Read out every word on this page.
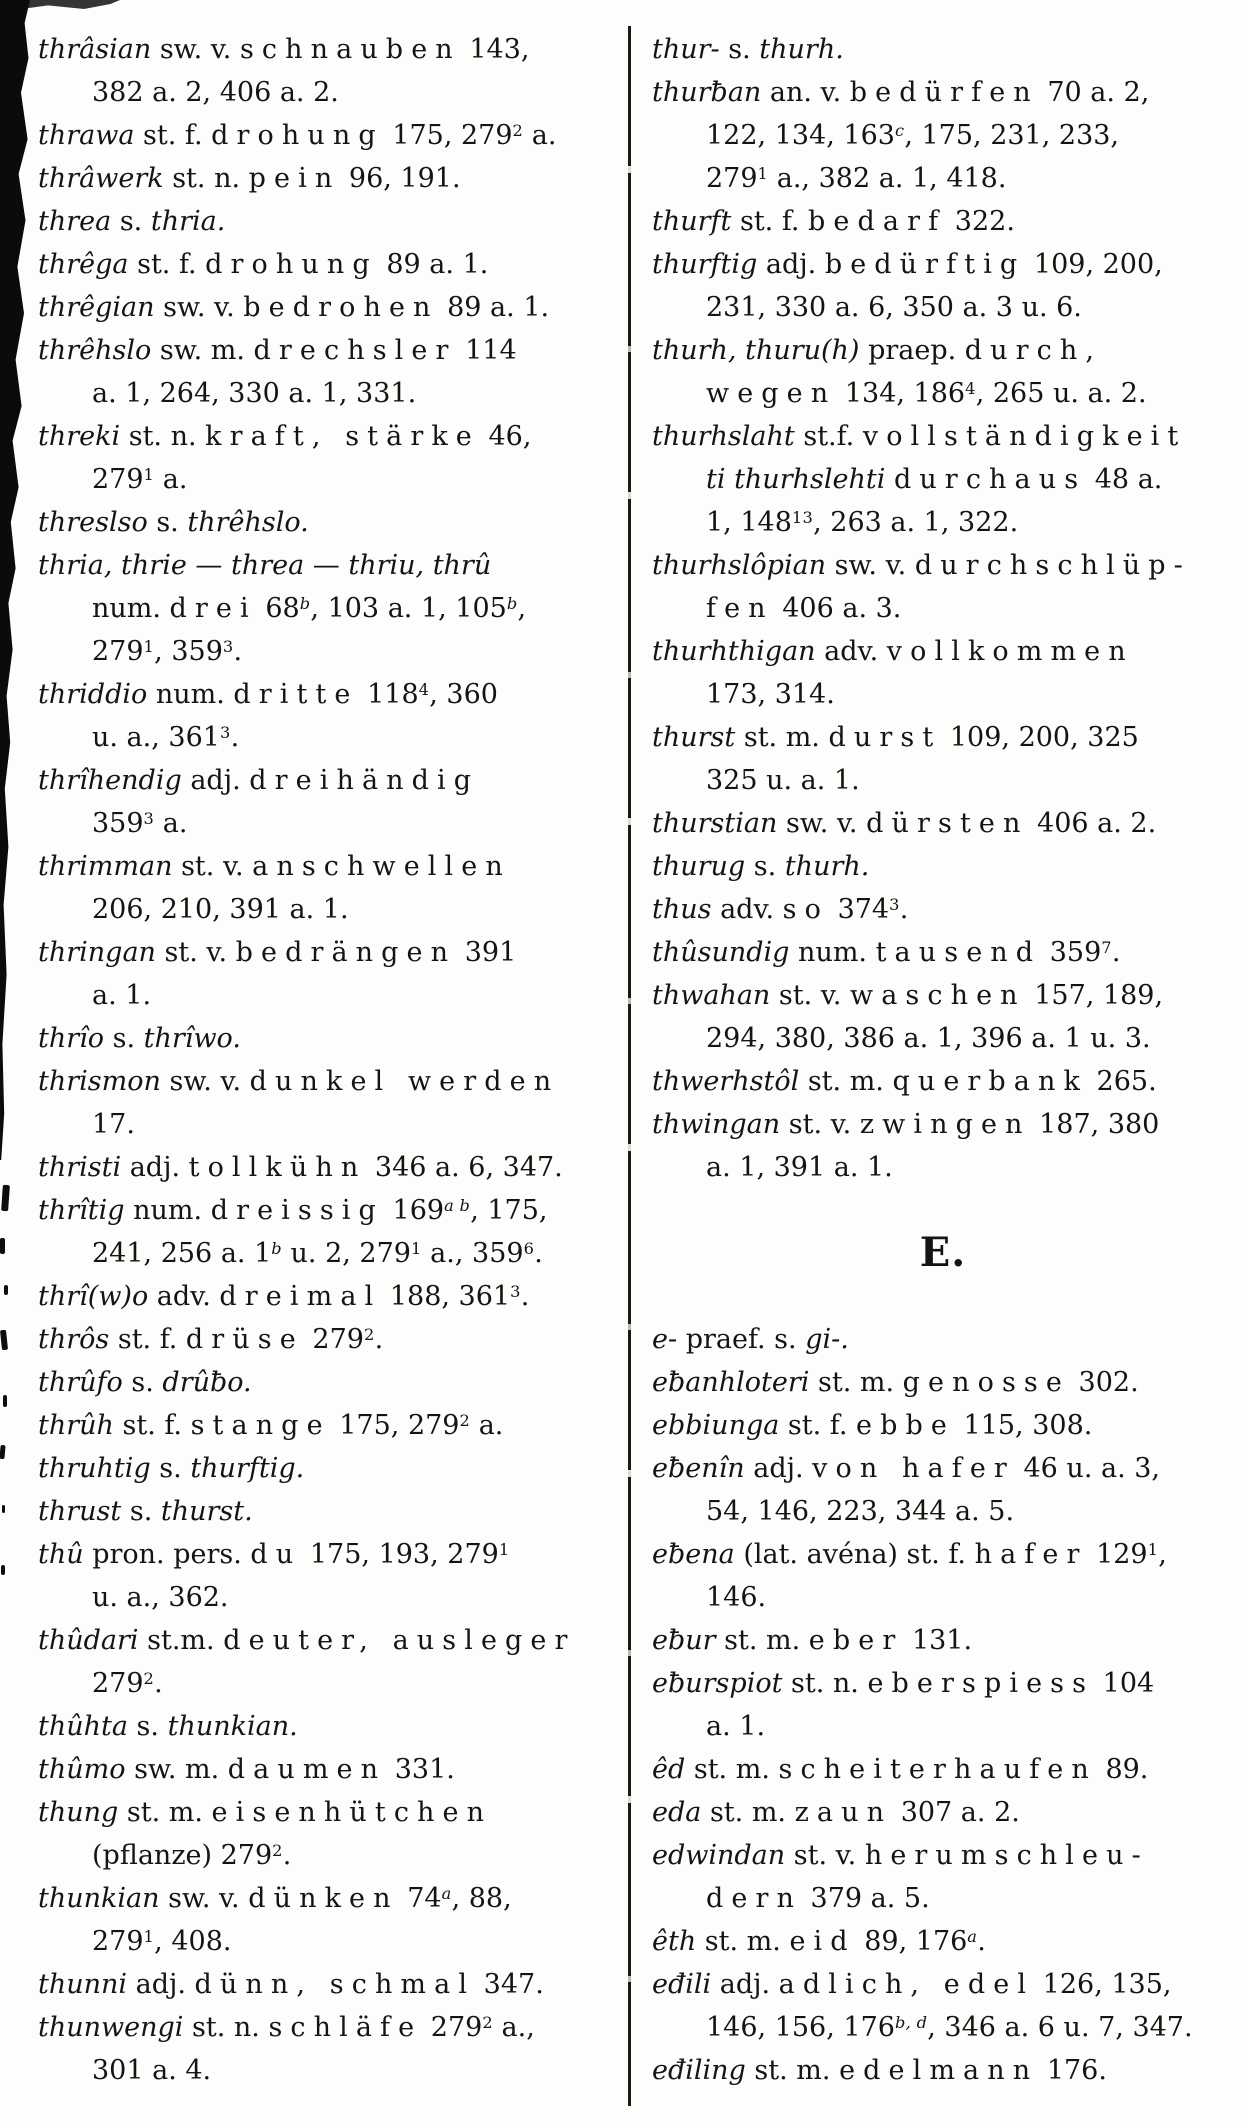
thrâsian sw. v. schnauben 143,
382 a. 2, 406 a. 2.

thrawa st. f. drohung 175, $279^2$ a.

thrâwerk st. n. pein 96, 191.

threa s. thria.

thrêga st. f. drohung 89 a. 1.

thrêgian sw. v. bedrohen 89 a. 1.

thrêhslo sw. m. drechsler 114
a. 1, 264, 330 a. 1, 331.

threki st. n. kraft, stärke 46,
$279^1$ a.

threslso s. thrêhslo.

thria, thrie — threa — thriu, thrû
num. drei 68$^b$, 103 a. 1, 105$^b$,
$279^1$, $359^3$.

thriddio num. dritte $118^4$, 360
u. a., $361^3$.

thrîhendig adj. dreihändig
$359^3$ a.

thrimman st. v. anschwellen
206, 210, 391 a. 1.

thringan st. v. bedrängen 391
a. 1.

thrîo s. thrîwo.

thrismon sw. v. dunkel werden
17.

thristi adj. tollkühn 346 a. 6, 347.

thrîtig num. dreissig $169^{a b}$, 175,
241, 256 a. 1$^b$ u. 2, $279^1$ a., $359^6$.

thrî(w)o adv. dreimal 188, $361^3$.

thrôs st. f. drüse $279^2$.

thrûfo s. drûƀo.

thrûh st. f. stange 175, $279^2$ a.

thruhtig s. thurftig.

thrust s. thurst.

thû pron. pers. du 175, 193, $279^1$
u. a., 362.

thûdari st.m. deuter, ausleger
$279^2$.

thûhta s. thunkian.

thûmo sw. m. daumen 331.

thung st. m. eisenhütchen
(pflanze) $279^2$.

thunkian sw. v. dünken 74$^a$, 88,
$279^1$, 408.

thunni adj. dünn, schmal 347.

thunwengi st. n. schläfe $279^2$ a.,
301 a. 4.

thur- s. thurh.

thurƀan an. v. bedürfen 70 a. 2,
122, 134, 163$^c$, 175, 231, 233,
$279^1$ a., 382 a. 1, 418.

thurft st. f. bedarf 322.

thurftig adj. bedürftig 109, 200,
231, 330 a. 6, 350 a. 3 u. 6.

thurh, thuru(h) praep. durch,
wegen 134, $186^4$, 265 u. a. 2.

thurhslaht st.f. vollständigkeit
ti thurhslehti durchaus 48 a.
1, $148^{13}$, 263 a. 1, 322.

thurhslôpian sw. v. durchschlüp-
fen 406 a. 3.

thurhthigan adv. vollkommen
173, 314.

thurst st. m. durst 109, 200, 325
325 u. a. 1.

thurstian sw. v. dürsten 406 a. 2.

thurug s. thurh.

thus adv. so $374^3$.

thûsundig num. tausend $359^7$.

thwahan st. v. waschen 157, 189,
294, 380, 386 a. 1, 396 a. 1 u. 3.

thwerhstôl st. m. querbank 265.

thwingan st. v. zwingen 187, 380
a. 1, 391 a. 1.

E.

e- praef. s. gi-.

eƀanhloteri st. m. genosse 302.

ebbiunga st. f. ebbe 115, 308.

eƀenîn adj. von hafer 46 u. a. 3,
54, 146, 223, 344 a. 5.

eƀena (lat. avéna) st. f. hafer $129^1$,
146.

eƀur st. m. eber 131.

eƀurspiot st. n. eberspiess 104
a. 1.

êd st. m. scheiterhaufen 89.

eda st. m. zaun 307 a. 2.

edwindan st. v. herumschleu-
dern 379 a. 5.

êth st. m. eid 89, 176$^a$.

eđili adj. adlich, edel 126, 135,
146, 156, 176$^{b, d}$, 346 a. 6 u. 7, 347.

eđiling st. m. edelmann 176.
